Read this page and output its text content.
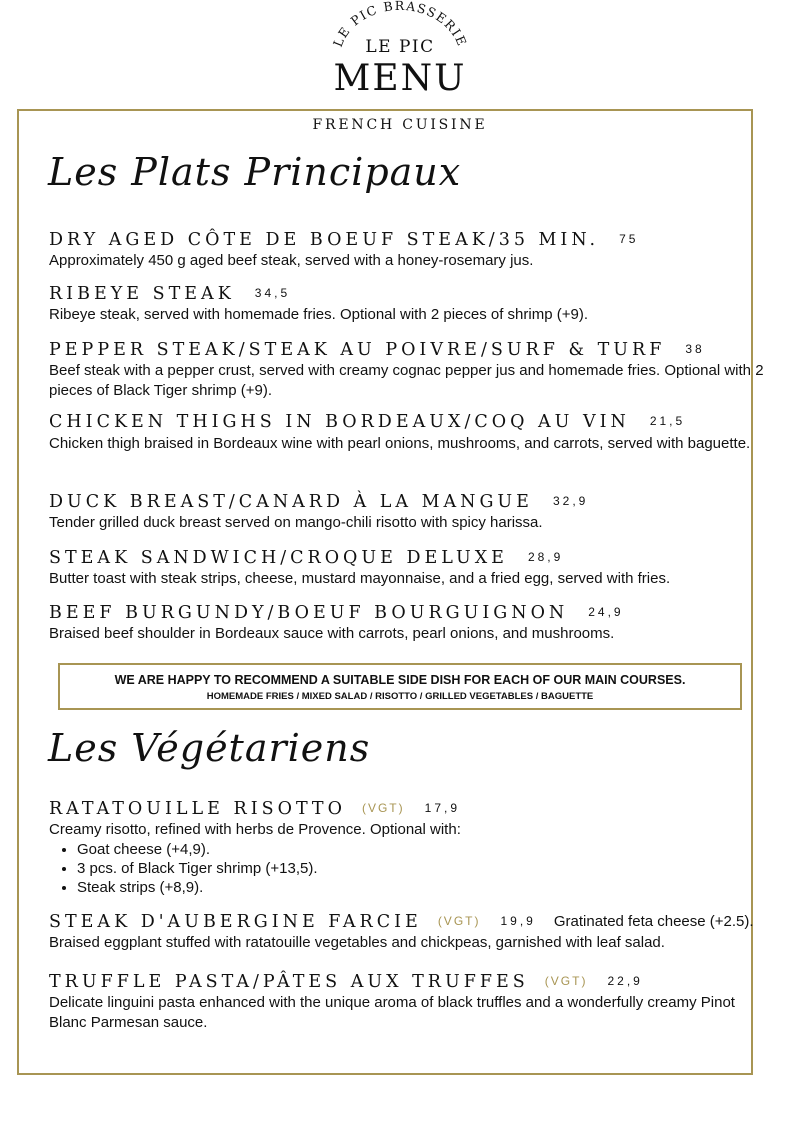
LE PIC BRASSERIE
LE PIC
MENU
FRENCH CUISINE
Les Plats Principaux
DRY AGED CÔTE DE BOEUF STEAK/35 MIN. 75
Approximately 450 g aged beef steak, served with a honey-rosemary jus.
RIBEYE STEAK 34,5
Ribeye steak, served with homemade fries. Optional with 2 pieces of shrimp (+9).
PEPPER STEAK/STEAK AU POIVRE/SURF & TURF 38
Beef steak with a pepper crust, served with creamy cognac pepper jus and homemade fries. Optional with 2 pieces of Black Tiger shrimp (+9).
CHICKEN THIGHS IN BORDEAUX/COQ AU VIN 21,5
Chicken thigh braised in Bordeaux wine with pearl onions, mushrooms, and carrots, served with baguette.
DUCK BREAST/CANARD À LA MANGUE 32,9
Tender grilled duck breast served on mango-chili risotto with spicy harissa.
STEAK SANDWICH/CROQUE DELUXE 28,9
Butter toast with steak strips, cheese, mustard mayonnaise, and a fried egg, served with fries.
BEEF BURGUNDY/BOEUF BOURGUIGNON 24,9
Braised beef shoulder in Bordeaux sauce with carrots, pearl onions, and mushrooms.
WE ARE HAPPY TO RECOMMEND A SUITABLE SIDE DISH FOR EACH OF OUR MAIN COURSES.
HOMEMADE FRIES / MIXED SALAD / RISOTTO / GRILLED VEGETABLES / BAGUETTE
Les Végétariens
RATATOUILLE RISOTTO (VGT) 17,9
Creamy risotto, refined with herbs de Provence. Optional with:
• Goat cheese (+4,9).
• 3 pcs. of Black Tiger shrimp (+13,5).
• Steak strips (+8,9).
STEAK D'AUBERGINE FARCIE (VGT) 19,9 Gratinated feta cheese (+2.5).
Braised eggplant stuffed with ratatouille vegetables and chickpeas, garnished with leaf salad.
TRUFFLE PASTA/PÂTES AUX TRUFFES (VGT) 22,9
Delicate linguini pasta enhanced with the unique aroma of black truffles and a wonderfully creamy Pinot Blanc Parmesan sauce.
